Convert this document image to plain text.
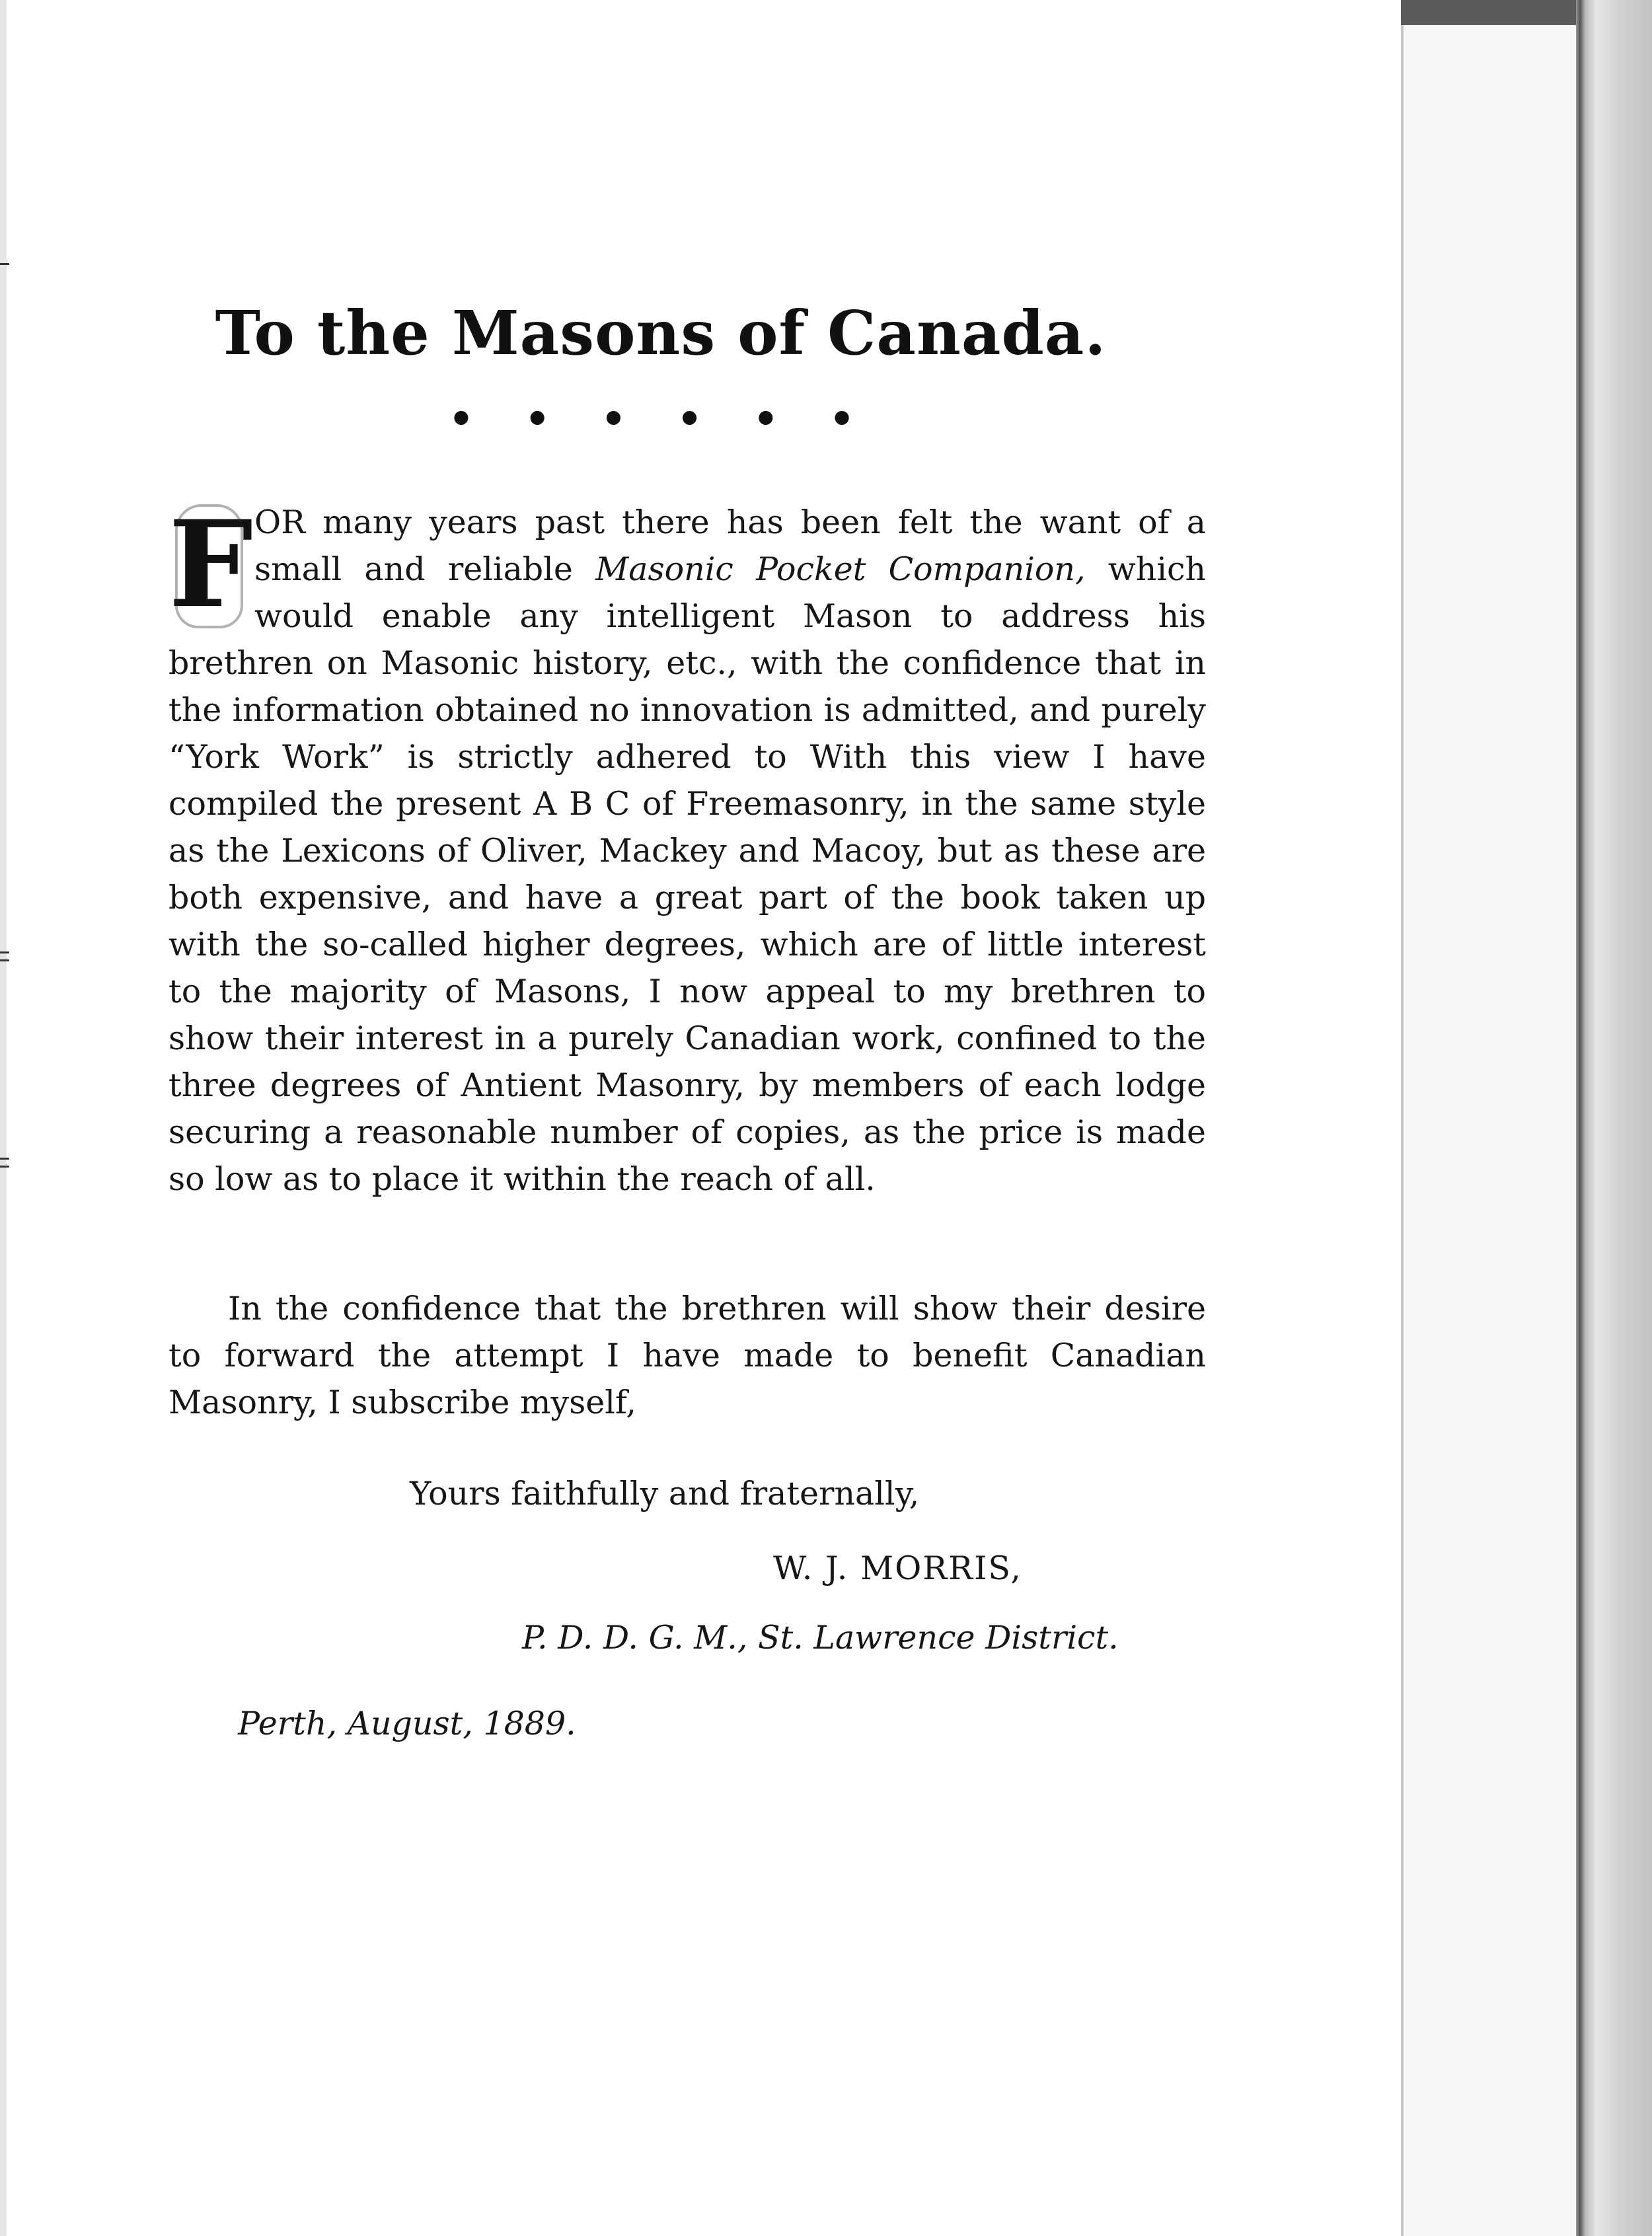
To the Masons of Canada.
• • • • • •
F OR many years past there has been felt the want of a small and reliable Masonic Pocket Companion, which would enable any intelligent Mason to address his brethren on Masonic history, etc., with the confidence that in the information obtained no innovation is admitted, and purely “York Work” is strictly adhered to With this view I have compiled the present A B C of Freemasonry, in the same style as the Lexicons of Oliver, Mackey and Macoy, but as these are both expensive, and have a great part of the book taken up with the so-called higher degrees, which are of little interest to the majority of Masons, I now appeal to my brethren to show their interest in a purely Canadian work, confined to the three degrees of Antient Masonry, by members of each lodge securing a reasonable number of copies, as the price is made so low as to place it within the reach of all.
In the confidence that the brethren will show their desire to forward the attempt I have made to benefit Canadian Masonry, I subscribe myself,
Yours faithfully and fraternally,
W. J. MORRIS,
P. D. D. G. M., St. Lawrence District.
Perth, August, 1889.
